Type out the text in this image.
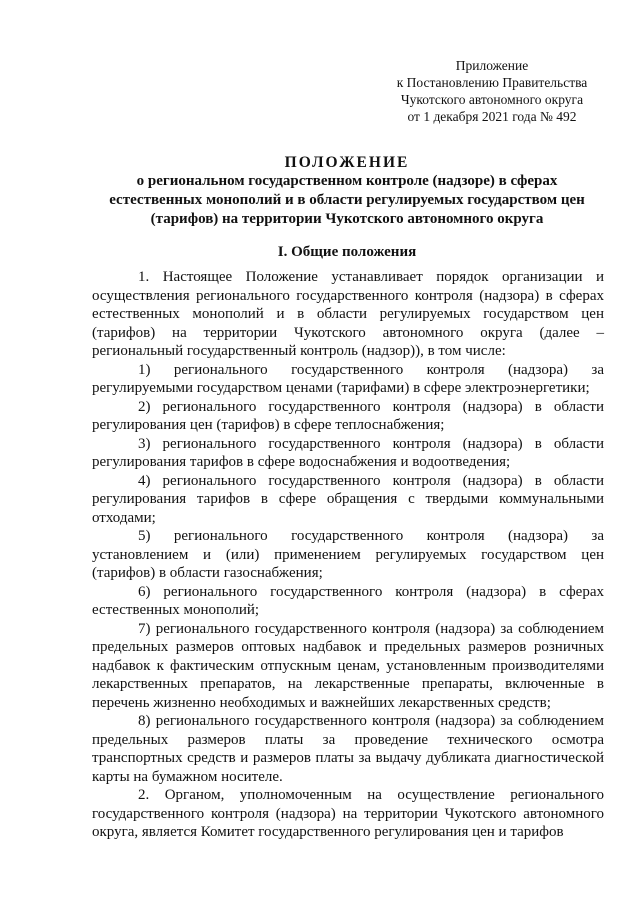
Приложение
к Постановлению Правительства
Чукотского автономного округа
от 1 декабря 2021 года № 492
ПОЛОЖЕНИЕ
о региональном государственном контроле (надзоре) в сферах
естественных монополий и в области регулируемых государством цен
(тарифов) на территории Чукотского автономного округа
I. Общие положения

1. Настоящее Положение устанавливает порядок организации и осуществления регионального государственного контроля (надзора) в сферах естественных монополий и в области регулируемых государством цен (тарифов) на территории Чукотского автономного округа (далее – региональный государственный контроль (надзор)), в том числе:

1) регионального государственного контроля (надзора) за регулируемыми государством ценами (тарифами) в сфере электроэнергетики;

2) регионального государственного контроля (надзора) в области регулирования цен (тарифов) в сфере теплоснабжения;

3) регионального государственного контроля (надзора) в области регулирования тарифов в сфере водоснабжения и водоотведения;

4) регионального государственного контроля (надзора) в области регулирования тарифов в сфере обращения с твердыми коммунальными отходами;

5) регионального государственного контроля (надзора) за установлением и (или) применением регулируемых государством цен (тарифов) в области газоснабжения;

6) регионального государственного контроля (надзора) в сферах естественных монополий;

7) регионального государственного контроля (надзора) за соблюдением предельных размеров оптовых надбавок и предельных размеров розничных надбавок к фактическим отпускным ценам, установленным производителями лекарственных препаратов, на лекарственные препараты, включенные в перечень жизненно необходимых и важнейших лекарственных средств;

8) регионального государственного контроля (надзора) за соблюдением предельных размеров платы за проведение технического осмотра транспортных средств и размеров платы за выдачу дубликата диагностической карты на бумажном носителе.

2. Органом, уполномоченным на осуществление регионального государственного контроля (надзора) на территории Чукотского автономного округа, является Комитет государственного регулирования цен и тарифов
